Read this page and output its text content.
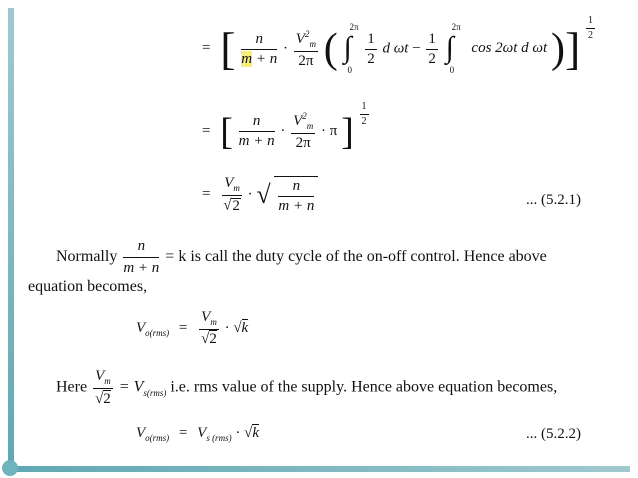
= [ $\frac{n}{m + n} \cdot \frac{V^2_m}{2\pi}$ ( 2π
∫
0

$\frac{1}{2}$ d $\omega t - \frac{1}{2}$

2π
∫
0
cos 2ωt d ωt )] $\frac{1}{2}$
= [ $\frac{n}{m + n} \cdot \frac{V^2_m}{2\pi} \cdot \pi$ ] $\frac{1}{2}$
= $\frac{V_m}{√2}$ · √ $\frac{n}{m + n}$	... (5.2.1)
Normally $\frac{n}{m + n} = k$ is call the duty cycle of the on-off control. Hence above
equation becomes,
$V_{o(rms)} = \frac{V_m}{√2} \cdot √k$
Here $\frac{V_m}{√2} = V_{s(rms)}$ i.e. rms value of the supply. Hence above equation becomes,
$V_{o(rms)} = V_{s (rms)} \cdot √k$	... (5.2.2)
